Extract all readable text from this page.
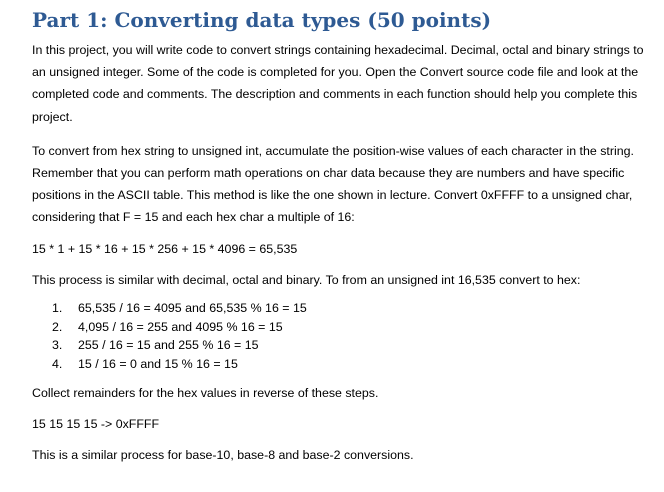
Part 1: Converting data types (50 points)

In this project, you will write code to convert strings containing hexadecimal. Decimal, octal and binary strings to an unsigned integer. Some of the code is completed for you. Open the Convert source code file and look at the completed code and comments. The description and comments in each function should help you complete this project.

To convert from hex string to unsigned int, accumulate the position-wise values of each character in the string. Remember that you can perform math operations on char data because they are numbers and have specific positions in the ASCII table. This method is like the one shown in lecture. Convert 0xFFFF to a unsigned char, considering that F = 15 and each hex char a multiple of 16:

15 * 1 + 15 * 16 + 15 * 256 + 15 * 4096 = 65,535

This process is similar with decimal, octal and binary. To from an unsigned int 16,535 convert to hex:

1.	65,535 / 16 = 4095 and 65,535 % 16 = 15
2.	4,095 / 16 = 255 and 4095 % 16 = 15
3.	255 / 16 = 15 and 255 % 16 = 15
4.	15 / 16 = 0 and 15 % 16 = 15

Collect remainders for the hex values in reverse of these steps.

15 15 15 15 -> 0xFFFF

This is a similar process for base-10, base-8 and base-2 conversions.
